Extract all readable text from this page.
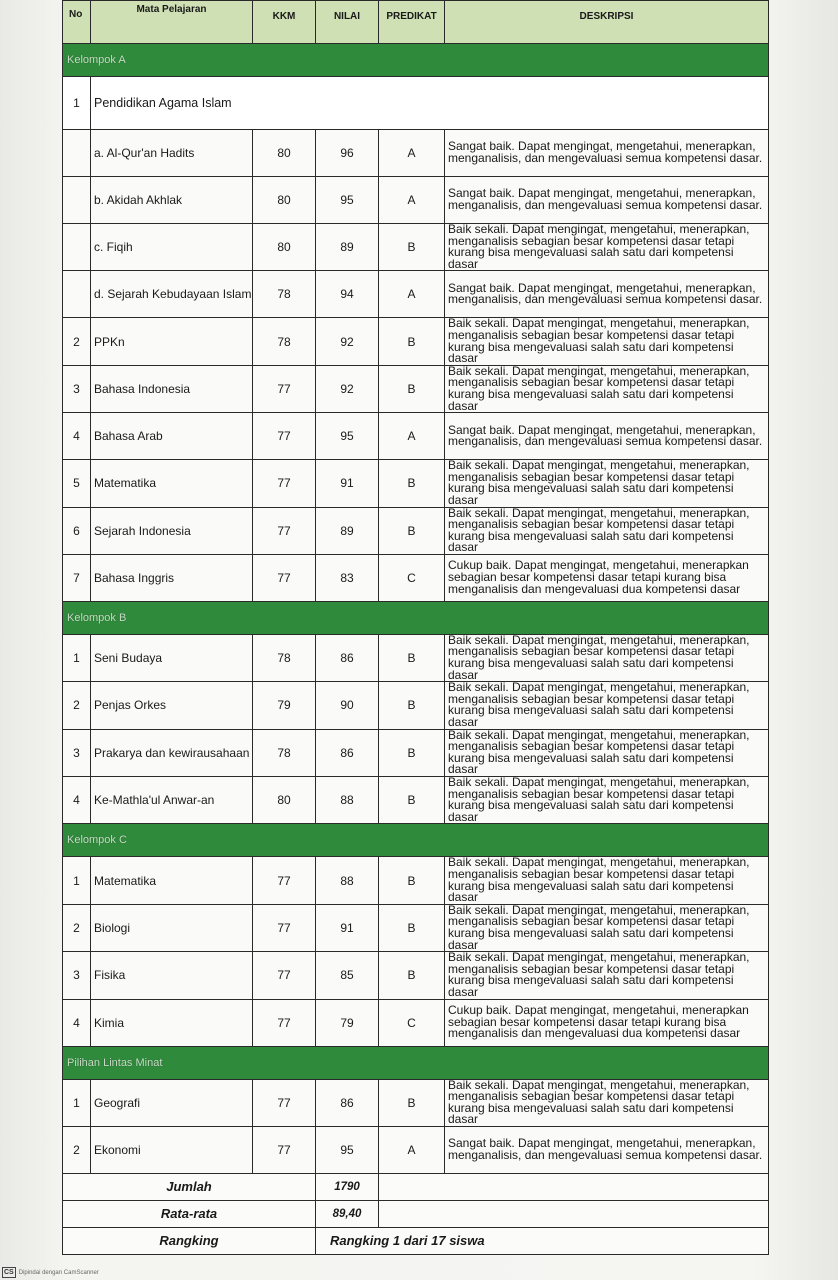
No	Mata Pelajaran	KKM	NILAI	PREDIKAT	DESKRIPSI
Kelompok A					
1	Pendidikan Agama Islam				
	a. Al-Qur'an Hadits	80	96	A	Sangat baik. Dapat mengingat, mengetahui, menerapkan, menganalisis, dan mengevaluasi semua kompetensi dasar.
	b. Akidah Akhlak	80	95	A	Sangat baik. Dapat mengingat, mengetahui, menerapkan, menganalisis, dan mengevaluasi semua kompetensi dasar.
	c. Fiqih	80	89	B	Baik sekali. Dapat mengingat, mengetahui, menerapkan, menganalisis sebagian besar kompetensi dasar tetapi kurang bisa mengevaluasi salah satu dari kompetensi dasar
	d. Sejarah Kebudayaan Islam	78	94	A	Sangat baik. Dapat mengingat, mengetahui, menerapkan, menganalisis, dan mengevaluasi semua kompetensi dasar.
2	PPKn	78	92	B	Baik sekali. Dapat mengingat, mengetahui, menerapkan, menganalisis sebagian besar kompetensi dasar tetapi kurang bisa mengevaluasi salah satu dari kompetensi dasar
3	Bahasa Indonesia	77	92	B	Baik sekali. Dapat mengingat, mengetahui, menerapkan, menganalisis sebagian besar kompetensi dasar tetapi kurang bisa mengevaluasi salah satu dari kompetensi dasar
4	Bahasa Arab	77	95	A	Sangat baik. Dapat mengingat, mengetahui, menerapkan, menganalisis, dan mengevaluasi semua kompetensi dasar.
5	Matematika	77	91	B	Baik sekali. Dapat mengingat, mengetahui, menerapkan, menganalisis sebagian besar kompetensi dasar tetapi kurang bisa mengevaluasi salah satu dari kompetensi dasar
6	Sejarah Indonesia	77	89	B	Baik sekali. Dapat mengingat, mengetahui, menerapkan, menganalisis sebagian besar kompetensi dasar tetapi kurang bisa mengevaluasi salah satu dari kompetensi dasar
7	Bahasa Inggris	77	83	C	Cukup baik. Dapat mengingat, mengetahui, menerapkan sebagian besar kompetensi dasar tetapi kurang bisa menganalisis dan mengevaluasi dua kompetensi dasar
Kelompok B					
1	Seni Budaya	78	86	B	Baik sekali. Dapat mengingat, mengetahui, menerapkan, menganalisis sebagian besar kompetensi dasar tetapi kurang bisa mengevaluasi salah satu dari kompetensi dasar
2	Penjas Orkes	79	90	B	Baik sekali. Dapat mengingat, mengetahui, menerapkan, menganalisis sebagian besar kompetensi dasar tetapi kurang bisa mengevaluasi salah satu dari kompetensi dasar
3	Prakarya dan kewirausahaan	78	86	B	Baik sekali. Dapat mengingat, mengetahui, menerapkan, menganalisis sebagian besar kompetensi dasar tetapi kurang bisa mengevaluasi salah satu dari kompetensi dasar
4	Ke-Mathla'ul Anwar-an	80	88	B	Baik sekali. Dapat mengingat, mengetahui, menerapkan, menganalisis sebagian besar kompetensi dasar tetapi kurang bisa mengevaluasi salah satu dari kompetensi dasar
Kelompok C					
1	Matematika	77	88	B	Baik sekali. Dapat mengingat, mengetahui, menerapkan, menganalisis sebagian besar kompetensi dasar tetapi kurang bisa mengevaluasi salah satu dari kompetensi dasar
2	Biologi	77	91	B	Baik sekali. Dapat mengingat, mengetahui, menerapkan, menganalisis sebagian besar kompetensi dasar tetapi kurang bisa mengevaluasi salah satu dari kompetensi dasar
3	Fisika	77	85	B	Baik sekali. Dapat mengingat, mengetahui, menerapkan, menganalisis sebagian besar kompetensi dasar tetapi kurang bisa mengevaluasi salah satu dari kompetensi dasar
4	Kimia	77	79	C	Cukup baik. Dapat mengingat, mengetahui, menerapkan sebagian besar kompetensi dasar tetapi kurang bisa menganalisis dan mengevaluasi dua kompetensi dasar
Pilihan Lintas Minat					
1	Geografi	77	86	B	Baik sekali. Dapat mengingat, mengetahui, menerapkan, menganalisis sebagian besar kompetensi dasar tetapi kurang bisa mengevaluasi salah satu dari kompetensi dasar
2	Ekonomi	77	95	A	Sangat baik. Dapat mengingat, mengetahui, menerapkan, menganalisis, dan mengevaluasi semua kompetensi dasar.
Jumlah			1790		
Rata-rata			89,40		
Rangking			Rangking 1 dari 17 siswa		
CS Dipindai dengan CamScanner
